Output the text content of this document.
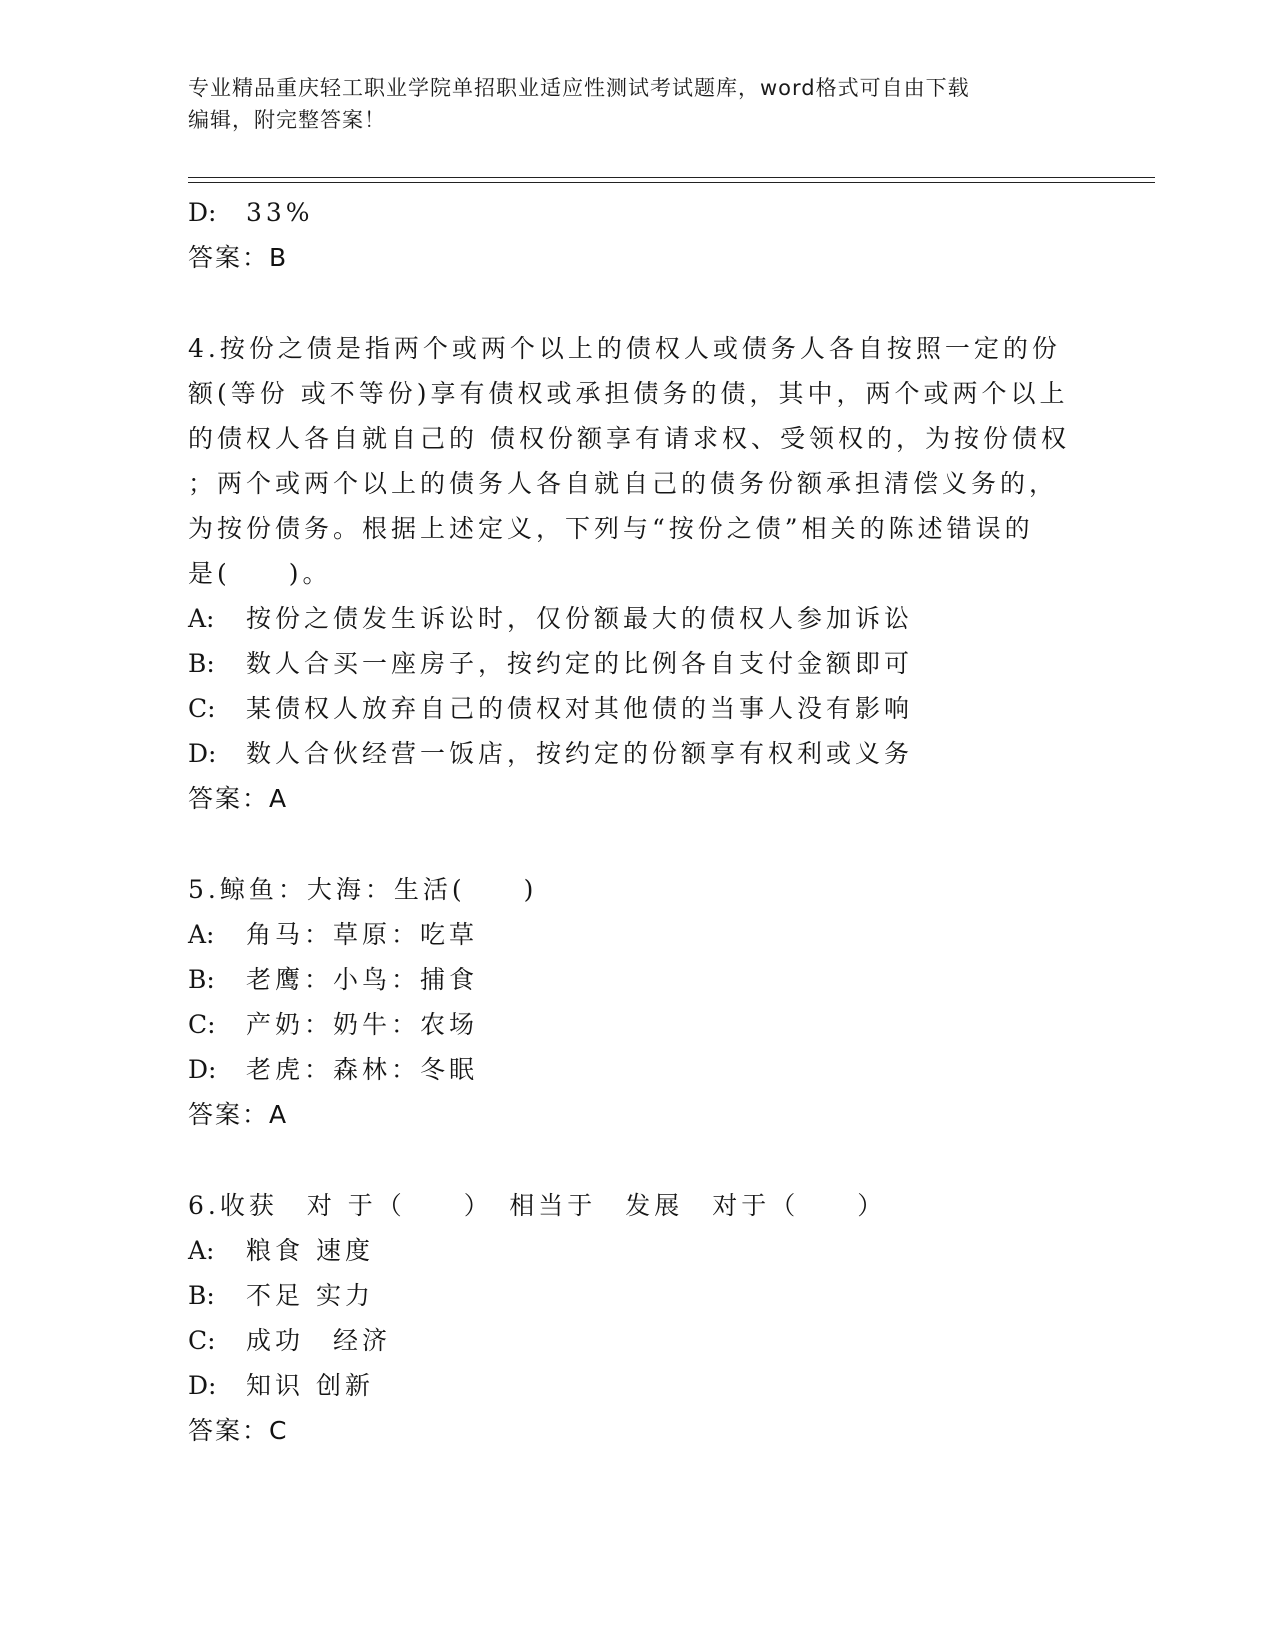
专业精品重庆轻工职业学院单招职业适应性测试考试题库，word格式可自由下载
编辑，附完整答案！
D: 33%
答案：B
4.按份之债是指两个或两个以上的债权人或债务人各自按照一定的份
额(等份 或不等份)享有债权或承担债务的债，其中，两个或两个以上
的债权人各自就自己的 债权份额享有请求权、受领权的，为按份债权
；两个或两个以上的债务人各自就自己的债务份额承担清偿义务的，
为按份债务。根据上述定义，下列与“按份之债”相关的陈述错误的
是(　　)。
A: 按份之债发生诉讼时，仅份额最大的债权人参加诉讼
B: 数人合买一座房子，按约定的比例各自支付金额即可
C: 某债权人放弃自己的债权对其他债的当事人没有影响
D: 数人合伙经营一饭店，按约定的份额享有权利或义务
答案：A
5.鲸鱼：大海：生活(　　)
A: 角马：草原：吃草
B: 老鹰：小鸟：捕食
C: 产奶：奶牛：农场
D: 老虎：森林：冬眠
答案：A
6.收获　对 于（　　）　相当于　发展　对于（　　）
A: 粮食 速度
B: 不足 实力
C: 成功　经济
D: 知识 创新
答案：C
